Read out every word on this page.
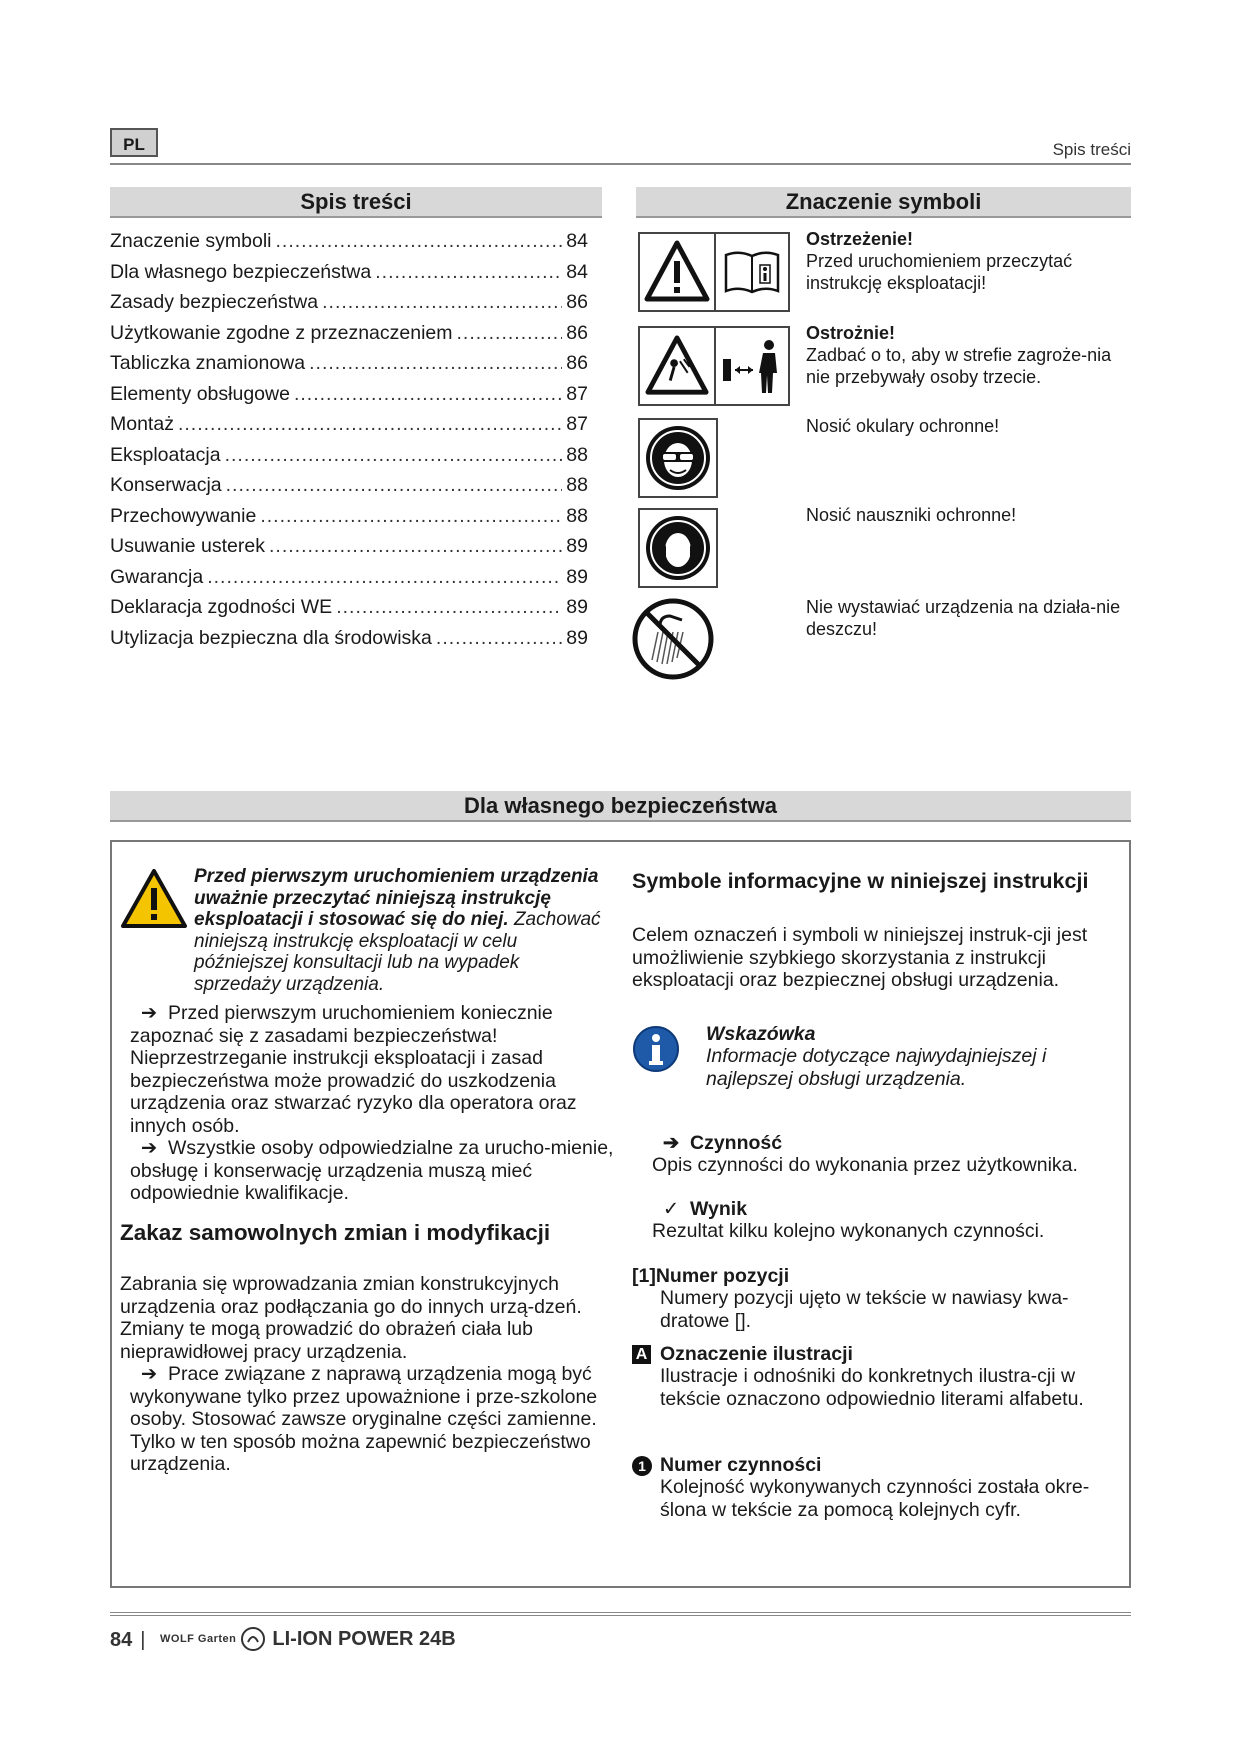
PL	Spis treści
Spis treści
Znaczenie symboli .....	84
Dla własnego bezpieczeństwa .....	84
Zasady bezpieczeństwa .....	86
Użytkowanie zgodne z przeznaczeniem .....	86
Tabliczka znamionowa .....	86
Elementy obsługowe .....	87
Montaż .....	87
Eksploatacja .....	88
Konserwacja .....	88
Przechowywanie .....	88
Usuwanie usterek .....	89
Gwarancja .....	89
Deklaracja zgodności WE .....	89
Utylizacja bezpieczna dla środowiska .....	89
Znaczenie symboli
Ostrzeżenie!
Przed uruchomieniem przeczytać instrukcję eksploatacji!
Ostrożnie!
Zadbać o to, aby w strefie zagroże-nia nie przebywały osoby trzecie.
Nosić okulary ochronne!
Nosić nauszniki ochronne!
Nie wystawiać urządzenia na działa-nie deszczu!
Dla własnego bezpieczeństwa
Przed pierwszym uruchomieniem urządzenia uważnie przeczytać niniejszą instrukcję eksploatacji i stosować się do niej. Zachować niniejszą instrukcję eksploatacji w celu późniejszej konsultacji lub na wypadek sprzedaży urządzenia.
➔ Przed pierwszym uruchomieniem koniecznie zapoznać się z zasadami bezpieczeństwa! Nieprzestrzeganie instrukcji eksploatacji i zasad bezpieczeństwa może prowadzić do uszkodzenia urządzenia oraz stwarzać ryzyko dla operatora oraz innych osób.
➔ Wszystkie osoby odpowiedzialne za urucho-mienie, obsługę i konserwację urządzenia muszą mieć odpowiednie kwalifikacje.
Zakaz samowolnych zmian i modyfikacji
Zabrania się wprowadzania zmian konstrukcyjnych urządzenia oraz podłączania go do innych urzą-dzeń. Zmiany te mogą prowadzić do obrażeń ciała lub nieprawidłowej pracy urządzenia.
➔ Prace związane z naprawą urządzenia mogą być wykonywane tylko przez upoważnione i prze-szkolone osoby. Stosować zawsze oryginalne części zamienne. Tylko w ten sposób można zapewnić bezpieczeństwo urządzenia.
Symbole informacyjne w niniejszej instrukcji
Celem oznaczeń i symboli w niniejszej instruk-cji jest umożliwienie szybkiego skorzystania z instrukcji eksploatacji oraz bezpiecznej obsługi urządzenia.
Wskazówka
Informacje dotyczące najwydajniejszej i najlepszej obsługi urządzenia.
➔ Czynność
Opis czynności do wykonania przez użytkownika.
✓ Wynik
Rezultat kilku kolejno wykonanych czynności.
[1]Numer pozycji
Numery pozycji ujęto w tekście w nawiasy kwa-dratowe [].
A Oznaczenie ilustracji
Ilustracje i odnośniki do konkretnych ilustra-cji w tekście oznaczono odpowiednio literami alfabetu.
1 Numer czynności
Kolejność wykonywanych czynności została okre-ślona w tekście za pomocą kolejnych cyfr.
84 | WOLF Garten LI-ION POWER 24B
